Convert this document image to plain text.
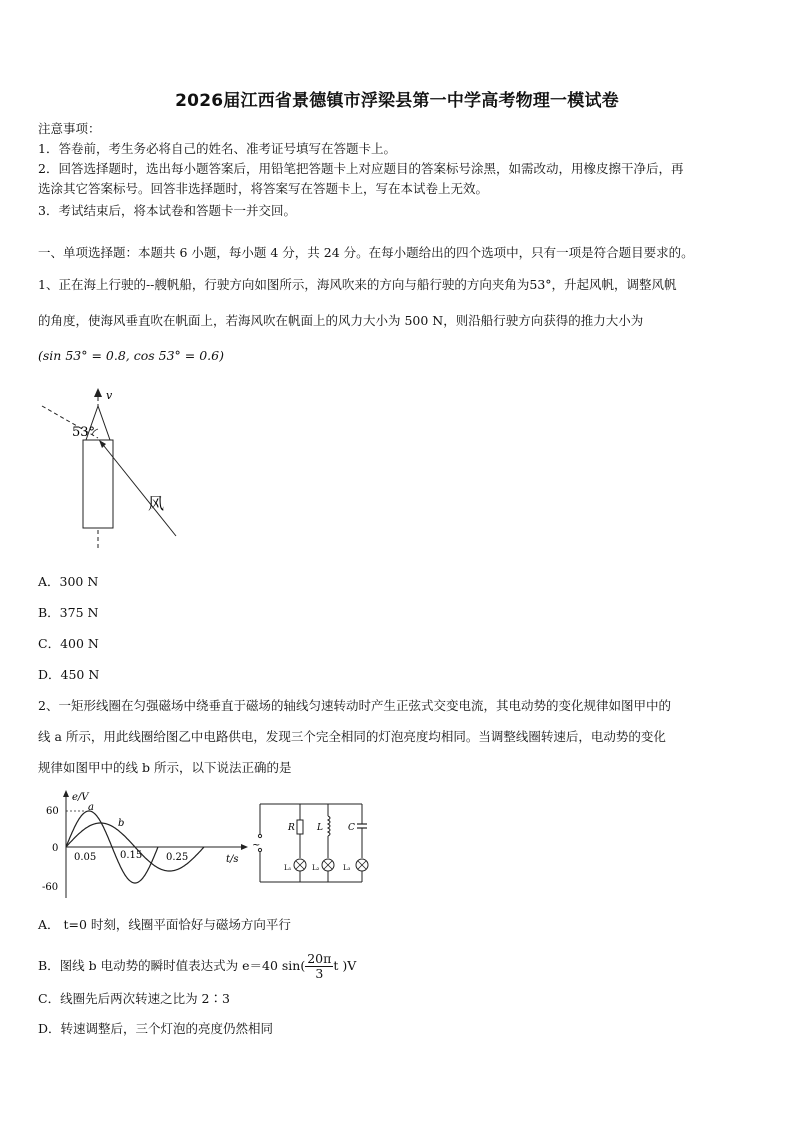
2026届江西省景德镇市浮梁县第一中学高考物理一模试卷
注意事项：
1．答卷前，考生务必将自己的姓名、准考证号填写在答题卡上。
2．回答选择题时，选出每小题答案后，用铅笔把答题卡上对应题目的答案标号涂黑，如需改动，用橡皮擦干净后，再
选涂其它答案标号。回答非选择题时，将答案写在答题卡上，写在本试卷上无效。
3．考试结束后，将本试卷和答题卡一并交回。
一、单项选择题：本题共 6 小题，每小题 4 分，共 24 分。在每小题给出的四个选项中，只有一项是符合题目要求的。
1、正在海上行驶的--艘帆船，行驶方向如图所示，海风吹来的方向与船行驶的方向夹角为53°，升起风帆，调整风帆
的角度，使海风垂直吹在帆面上，若海风吹在帆面上的风力大小为 500 N，则沿船行驶方向获得的推力大小为
(sin 53° = 0.8, cos 53° = 0.6)
v
53°
风
A．300 N
B．375 N
C．400 N
D．450 N
2、一矩形线圈在匀强磁场中绕垂直于磁场的轴线匀速转动时产生正弦式交变电流，其电动势的变化规律如图甲中的
线 a 所示，用此线圈给图乙中电路供电，发现三个完全相同的灯泡亮度均相同。当调整线圈转速后，电动势的变化
规律如图甲中的线 b 所示，以下说法正确的是
e/V
t/s
60
0
-60
0.05 0.15 0.25
a
b
~
R
L₁
L
L₂
C
L₃
A． t=0 时刻，线圈平面恰好与磁场方向平行
B．图线 b 电动势的瞬时值表达式为 e＝40 $\sin( \frac{20\pi}{3}$ t )V
C．线圈先后两次转速之比为 2∶3
D．转速调整后，三个灯泡的亮度仍然相同
